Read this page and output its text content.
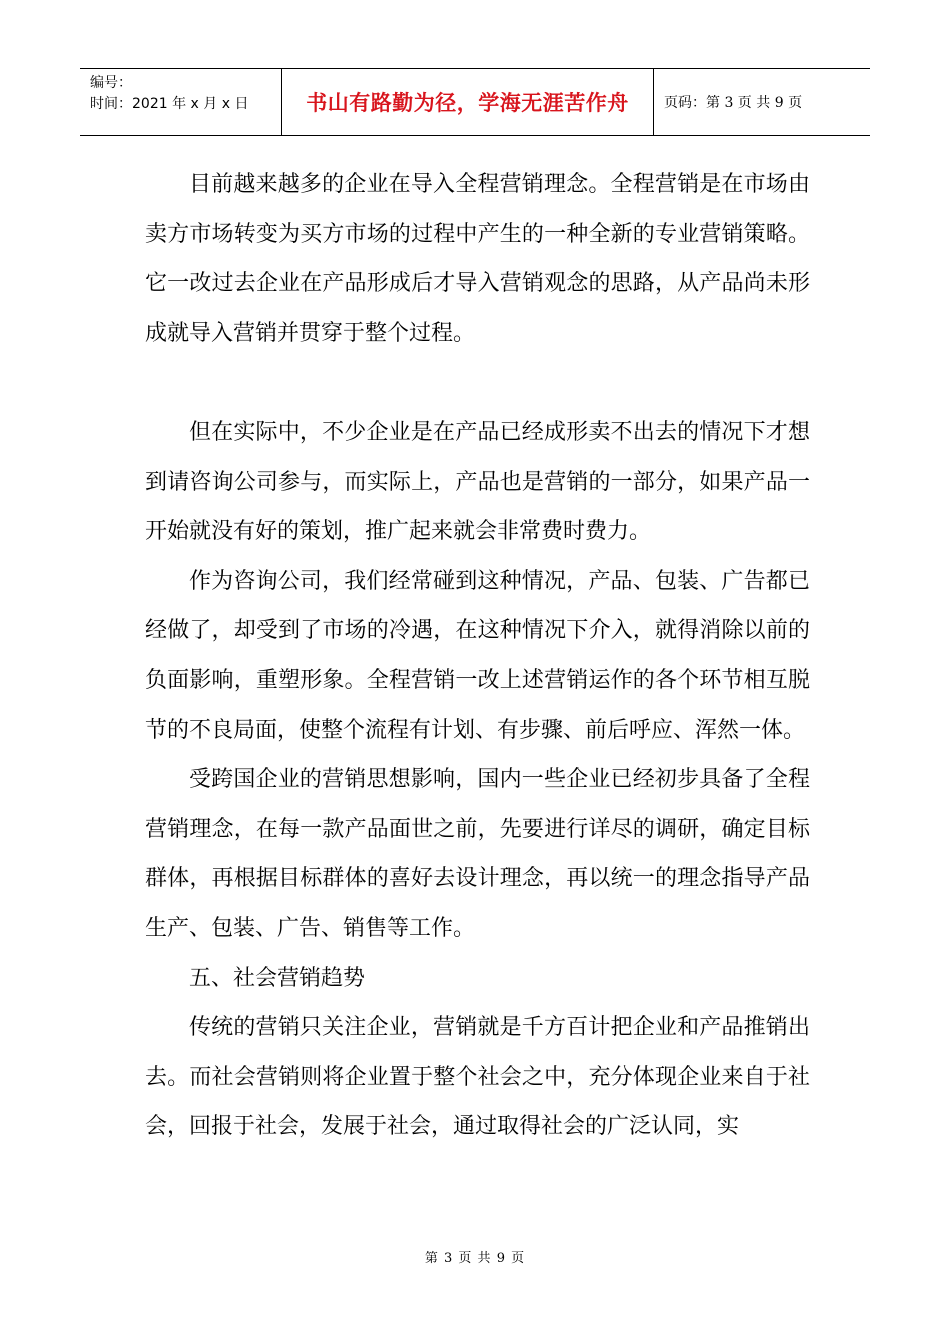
编号：
时间：2021 年 x 月 x 日	书山有路勤为径，学海无涯苦作舟	页码：第 3 页 共 9 页

目前越来越多的企业在导入全程营销理念。全程营销是在市场由卖方市场转变为买方市场的过程中产生的一种全新的专业营销策略。它一改过去企业在产品形成后才导入营销观念的思路，从产品尚未形成就导入营销并贯穿于整个过程。

但在实际中，不少企业是在产品已经成形卖不出去的情况下才想到请咨询公司参与，而实际上，产品也是营销的一部分，如果产品一开始就没有好的策划，推广起来就会非常费时费力。

作为咨询公司，我们经常碰到这种情况，产品、包装、广告都已经做了，却受到了市场的冷遇，在这种情况下介入，就得消除以前的负面影响，重塑形象。全程营销一改上述营销运作的各个环节相互脱节的不良局面，使整个流程有计划、有步骤、前后呼应、浑然一体。

受跨国企业的营销思想影响，国内一些企业已经初步具备了全程营销理念，在每一款产品面世之前，先要进行详尽的调研，确定目标群体，再根据目标群体的喜好去设计理念，再以统一的理念指导产品生产、包装、广告、销售等工作。

五、社会营销趋势

传统的营销只关注企业，营销就是千方百计把企业和产品推销出去。而社会营销则将企业置于整个社会之中，充分体现企业来自于社会，回报于社会，发展于社会，通过取得社会的广泛认同，实

第 3 页 共 9 页
